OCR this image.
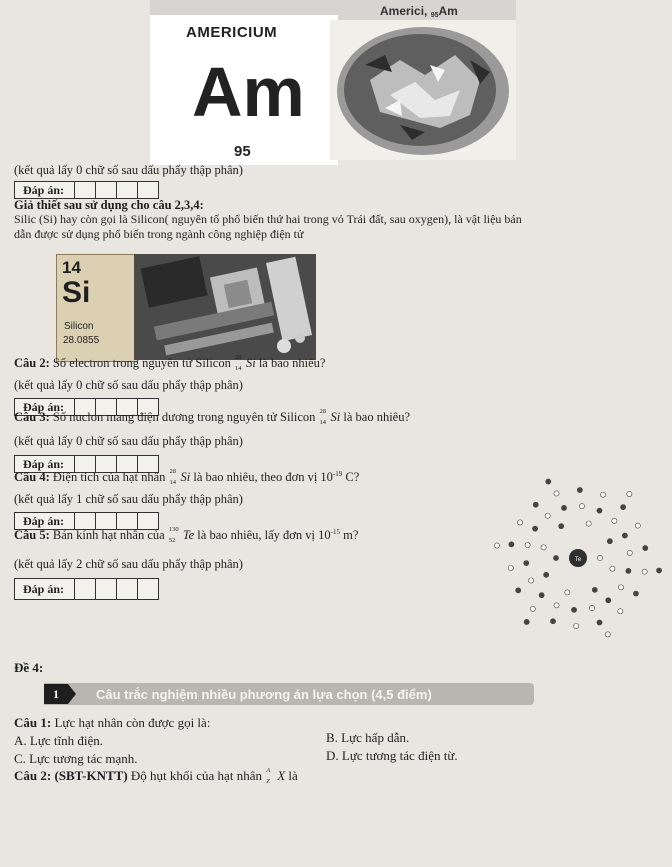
Americi, 95Am
AMERICIUM
Am
95
(kết quả lấy 0 chữ số sau dấu phẩy thập phân)
Đáp án:
Giả thiết sau sử dụng cho câu 2,3,4:
Silic (Si) hay còn gọi là Silicon( nguyên tố phổ biến thứ hai trong vỏ Trái đất, sau oxygen), là vật liệu bán
dẫn được sử dụng phổ biến trong ngành công nghiệp điện tử
14
Si
Silicon
28.0855
Câu 2: Số electron trong nguyên tử Silicon 28
14 Si là bao nhiêu?
(kết quả lấy 0 chữ số sau dấu phẩy thập phân)
Đáp án:
Câu 3: Số nuclon mang điện dương trong nguyên tử Silicon 28
14 Si là bao nhiêu?
(kết quả lấy 0 chữ số sau dấu phẩy thập phân)
Đáp án:
Câu 4: Điện tích của hạt nhân 28
14 Si là bao nhiêu, theo đơn vị $10^{-19}$ C?
(kết quả lấy 1 chữ số sau dấu phẩy thập phân)
Đáp án:
Câu 5: Bán kính hạt nhân của 130
52 Te là bao nhiêu, lấy đơn vị $10^{-15}$ m?
(kết quả lấy 2 chữ số sau dấu phẩy thập phân)
Đáp án:
Te
Đề 4:
1	Câu trắc nghiệm nhiều phương án lựa chọn (4,5 điểm)
Câu 1: Lực hạt nhân còn được gọi là:
A. Lực tĩnh điện.	B. Lực hấp dẫn.
C. Lực tương tác mạnh.	D. Lực tương tác điện từ.
Câu 2: (SBT-KNTT) Độ hụt khối của hạt nhân A
Z X là
